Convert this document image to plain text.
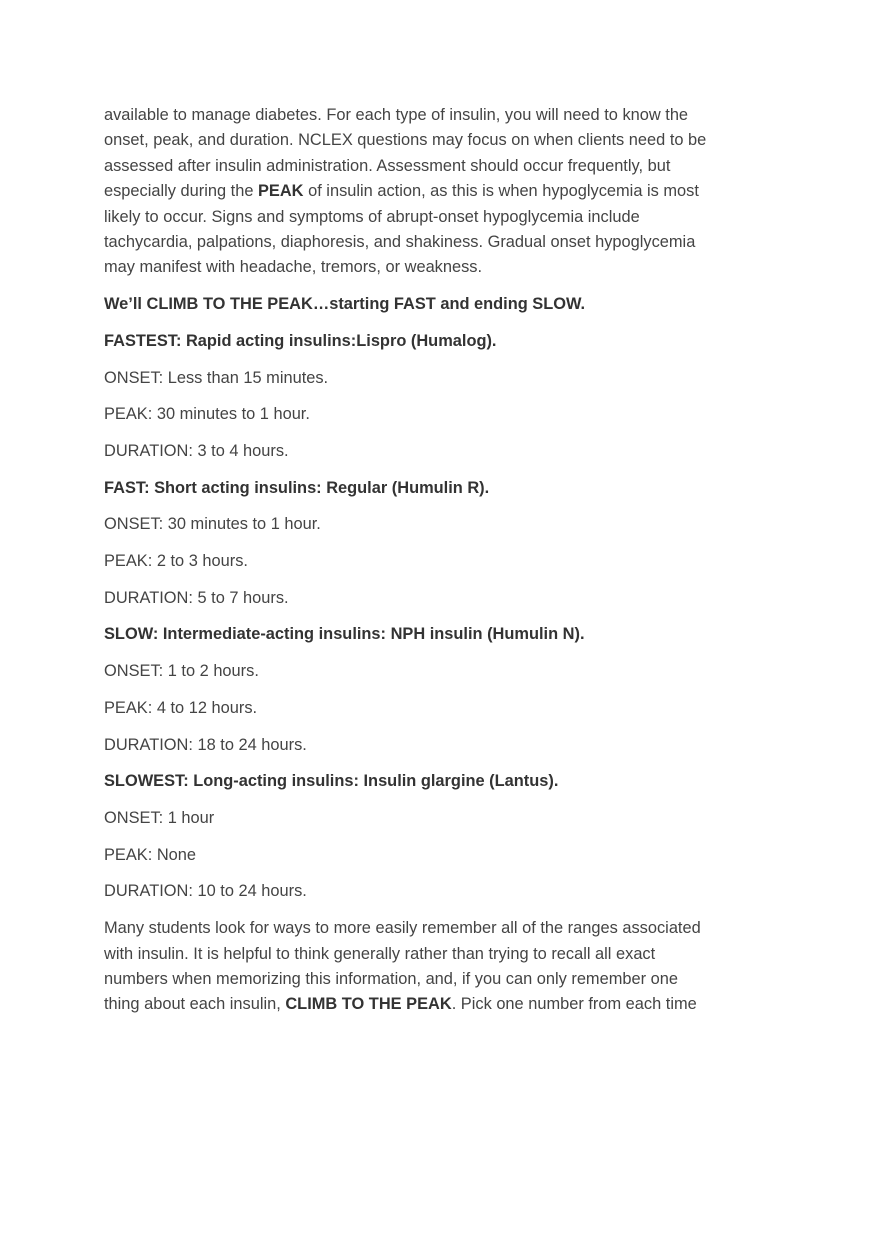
available to manage diabetes. For each type of insulin, you will need to know the
onset, peak, and duration. NCLEX questions may focus on when clients need to be
assessed after insulin administration. Assessment should occur frequently, but
especially during the PEAK of insulin action, as this is when hypoglycemia is most
likely to occur. Signs and symptoms of abrupt-onset hypoglycemia include
tachycardia, palpations, diaphoresis, and shakiness. Gradual onset hypoglycemia
may manifest with headache, tremors, or weakness.
We’ll CLIMB TO THE PEAK…starting FAST and ending SLOW.
FASTEST: Rapid acting insulins:Lispro (Humalog).
ONSET: Less than 15 minutes.
PEAK: 30 minutes to 1 hour.
DURATION: 3 to 4 hours.
FAST: Short acting insulins: Regular (Humulin R).
ONSET: 30 minutes to 1 hour.
PEAK: 2 to 3 hours.
DURATION: 5 to 7 hours.
SLOW: Intermediate-acting insulins: NPH insulin (Humulin N).
ONSET: 1 to 2 hours.
PEAK: 4 to 12 hours.
DURATION: 18 to 24 hours.
SLOWEST: Long-acting insulins: Insulin glargine (Lantus).
ONSET: 1 hour
PEAK: None
DURATION: 10 to 24 hours.
Many students look for ways to more easily remember all of the ranges associated
with insulin. It is helpful to think generally rather than trying to recall all exact
numbers when memorizing this information, and, if you can only remember one
thing about each insulin, CLIMB TO THE PEAK. Pick one number from each time
